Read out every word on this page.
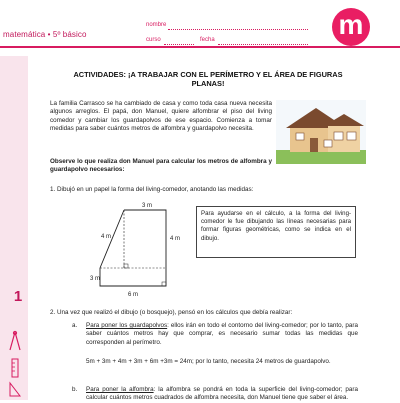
1
matemática • 5º básico
nombre
curso	fecha	m
ACTIVIDADES: ¡A TRABAJAR CON EL PERÍMETRO Y EL ÁREA DE FIGURAS PLANAS!
La familia Carrasco se ha cambiado de casa y como toda casa nueva necesita algunos arreglos. El papá, don Manuel, quiere alfombrar el piso del living comedor y cambiar los guardapolvos de ese espacio. Comienza a tomar medidas para saber cuántos metros de alfombra y guardapolvo necesita.
Observe lo que realiza don Manuel para calcular los metros de alfombra y guardapolvo necesarios:
1. Dibujó en un papel la forma del living-comedor, anotando las medidas:
3 m
4 m	4 m
3 m
6 m
Para ayudarse en el cálculo, a la forma del living-comedor le fue dibujando las líneas necesarias para formar figuras geométricas, como se indica en el dibujo.
2. Una vez que realizó el dibujo (o bosquejo), pensó en los cálculos que debía realizar:
a.	Para poner los guardapolvos: ellos irán en todo el contorno del living-comedor; por lo tanto, para saber cuántos metros hay que comprar, es necesario sumar todas las medidas que corresponden al perímetro.
5m + 3m + 4m + 3m + 6m +3m = 24m; por lo tanto, necesita 24 metros de guardapolvo.
b.	Para poner la alfombra: la alfombra se pondrá en toda la superficie del living-comedor; para calcular cuántos metros cuadrados de alfombra necesita, don Manuel tiene que saber el área.
